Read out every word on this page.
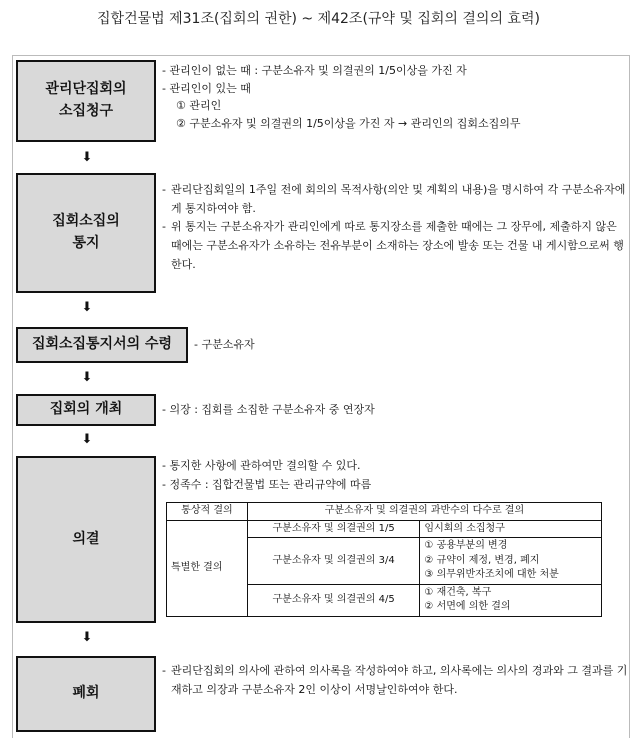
집합건물법 제31조(집회의 권한) ~ 제42조(규약 및 집회의 결의의 효력)
관리단집회의
소집청구
- 관리인이 없는 때 : 구분소유자 및 의결권의 1/5이상을 가진 자
- 관리인이 있는 때
① 관리인
② 구분소유자 및 의결권의 1/5이상을 가진 자 → 관리인의 집회소집의무
⬇
집회소집의
통지
- 관리단집회일의 1주일 전에 회의의 목적사항(의안 및 계획의 내용)을 명시하여 각 구분소유자에게 통지하여야 함.
- 위 통지는 구분소유자가 관리인에게 따로 통지장소를 제출한 때에는 그 장무에, 제출하지 않은 때에는 구분소유자가 소유하는 전유부분이 소재하는 장소에 발송 또는 건물 내 게시함으로써 행한다.
⬇
집회소집통지서의 수령 - 구분소유자
⬇
집회의 개최	- 의장 : 집회를 소집한 구분소유자 중 연장자
⬇
의결
- 통지한 사항에 관하여만 결의할 수 있다.
- 정족수 : 집합건물법 또는 관리규약에 따름
통상적 결의	구분소유자 및 의결권의 과반수의 다수로 결의	
특별한 결의	구분소유자 및 의결권의 1/5	임시회의 소집청구
	구분소유자 및 의결권의 3/4	① 공용부분의 변경
② 규약이 제정, 변경, 폐지
③ 의무위반자조치에 대한 처분

	구분소유자 및 의결권의 4/5	① 재건축, 복구
② 서면에 의한 결의
⬇
폐회
- 관리단집회의 의사에 관하여 의사록을 작성하여야 하고, 의사록에는 의사의 경과와 그 결과를 기재하고 의장과 구분소유자 2인 이상이 서명날인하여야 한다.
